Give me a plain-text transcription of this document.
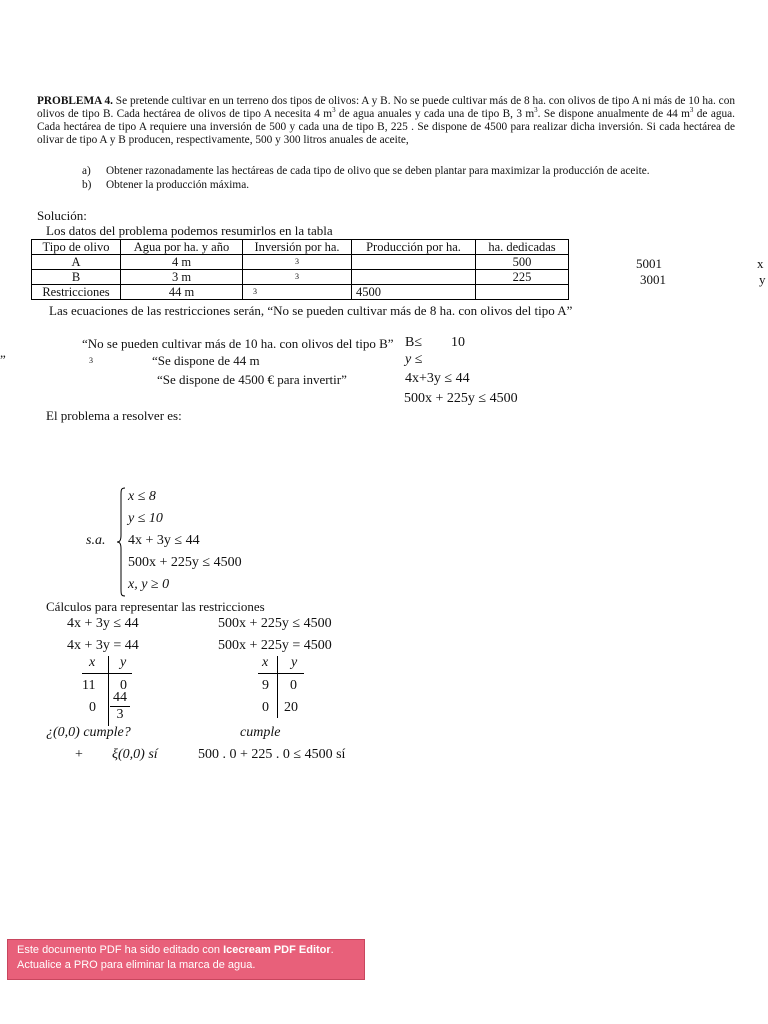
PROBLEMA 4. Se pretende cultivar en un terreno dos tipos de olivos: A y B. No se puede cultivar más de 8 ha. con olivos de tipo A ni más de 10 ha. con olivos de tipo B. Cada hectárea de olivos de tipo A necesita 4 $m^3$ de agua anuales y cada una de tipo B, 3 $m^3$. Se dispone anualmente de 44 $m^3$ de agua. Cada hectárea de tipo A requiere una inversión de 500 y cada una de tipo B, 225 . Se dispone de 4500 para realizar dicha inversión. Si cada hectárea de olivar de tipo A y B producen, respectivamente, 500 y 300 litros anuales de aceite,
a) Obtener razonadamente las hectáreas de cada tipo de olivo que se deben plantar para maximizar la producción de aceite.
b) Obtener la producción máxima.
Solución:
Los datos del problema podemos resumirlos en la tabla
Tipo de olivo	Agua por ha. y año	Inversión por ha.	Producción por ha.	ha. dedicadas
A	4 m	3		500
B	3 m	3		225
Restricciones	44 m	3	4500	
5001	x
3001	y
Las ecuaciones de las restricciones serán, “No se pueden cultivar más de 8 ha. con olivos del tipo A”
“No se pueden cultivar más de 10 ha. con olivos del tipo B” B≤ 10
”	3	“Se dispone de 44 m	y ≤
“Se dispone de 4500 € para invertir”	4x+3y ≤ 44
500x + 225y ≤ 4500
El problema a resolver es:
s.a.
x ≤ 8
y ≤ 10
4x + 3y ≤ 44
500x + 225y ≤ 4500
x, y ≥ 0
Cálculos para representar las restricciones
4x + 3y ≤ 44	500x + 225y ≤ 4500
4x + 3y = 44	500x + 225y = 4500
x y
11 0
$0 \frac{44}{3}$
x y
9 0
0 20
¿(0,0) cumple?	cumple
+ ξ(0,0) sí	500 . 0 + 225 . 0 ≤ 4500 sí
Este documento PDF ha sido editado con Icecream PDF Editor.
Actualice a PRO para eliminar la marca de agua.
